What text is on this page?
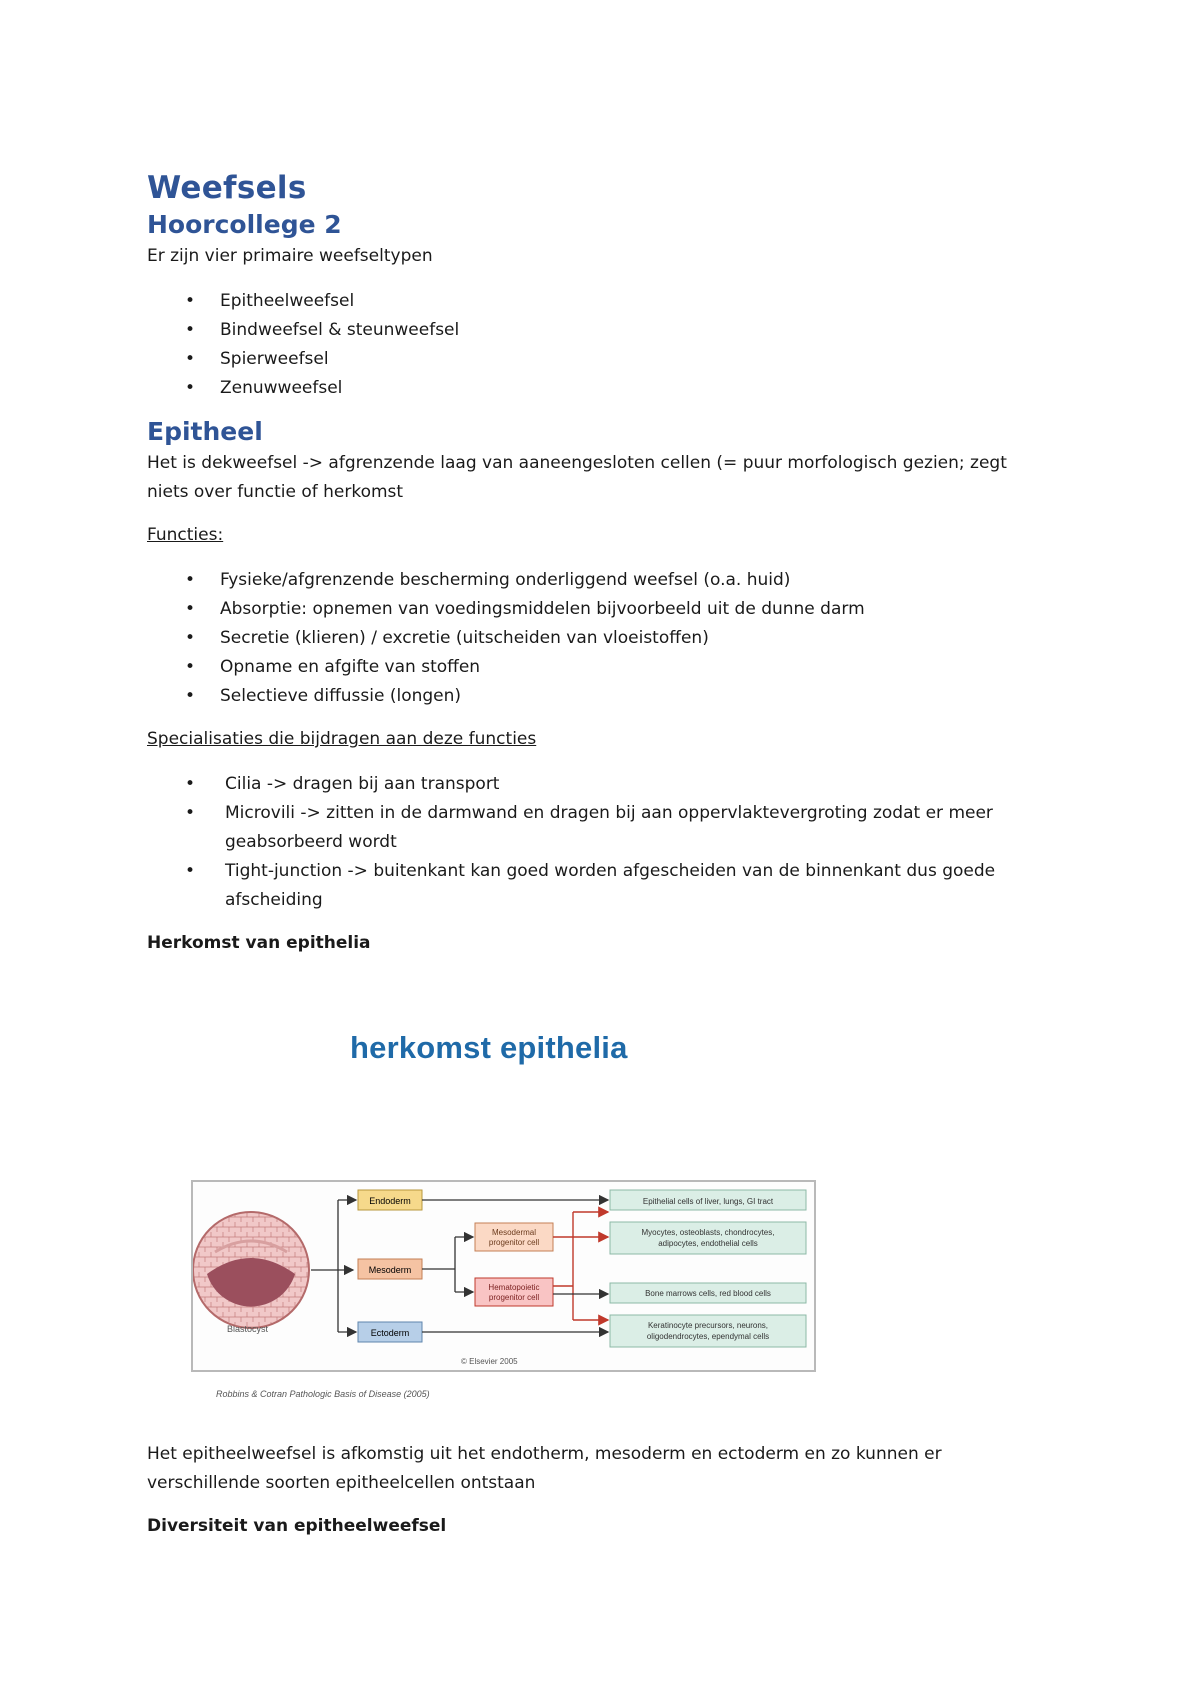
Weefsels
Hoorcollege 2

Er zijn vier primaire weefseltypen

• Epitheelweefsel
• Bindweefsel & steunweefsel
• Spierweefsel
• Zenuwweefsel
Epitheel

Het is dekweefsel -> afgrenzende laag van aaneengesloten cellen (= puur morfologisch gezien; zegt
niets over functie of herkomst

Functies:

• Fysieke/afgrenzende bescherming onderliggend weefsel (o.a. huid)
• Absorptie: opnemen van voedingsmiddelen bijvoorbeeld uit de dunne darm
• Secretie (klieren) / excretie (uitscheiden van vloeistoffen)
• Opname en afgifte van stoffen
• Selectieve diffussie (longen)

Specialisaties die bijdragen aan deze functies

• Cilia -> dragen bij aan transport
• Microvili -> zitten in de darmwand en dragen bij aan oppervlaktevergroting zodat er meer
geabsorbeerd wordt
• Tight-junction -> buitenkant kan goed worden afgescheiden van de binnenkant dus goede
afscheiding

Herkomst van epithelia

herkomst epithelia
Blastocyst
Endoderm
Mesoderm
Ectoderm
Mesodermal
progenitor cell
Hematopoietic
progenitor cell
Epithelial cells of liver, lungs, GI tract
Myocytes, osteoblasts, chondrocytes,
adipocytes, endothelial cells
Bone marrows cells, red blood cells
Keratinocyte precursors, neurons,
oligodendrocytes, ependymal cells
© Elsevier 2005
Robbins & Cotran Pathologic Basis of Disease (2005)

Het epitheelweefsel is afkomstig uit het endotherm, mesoderm en ectoderm en zo kunnen er
verschillende soorten epitheelcellen ontstaan

Diversiteit van epitheelweefsel
